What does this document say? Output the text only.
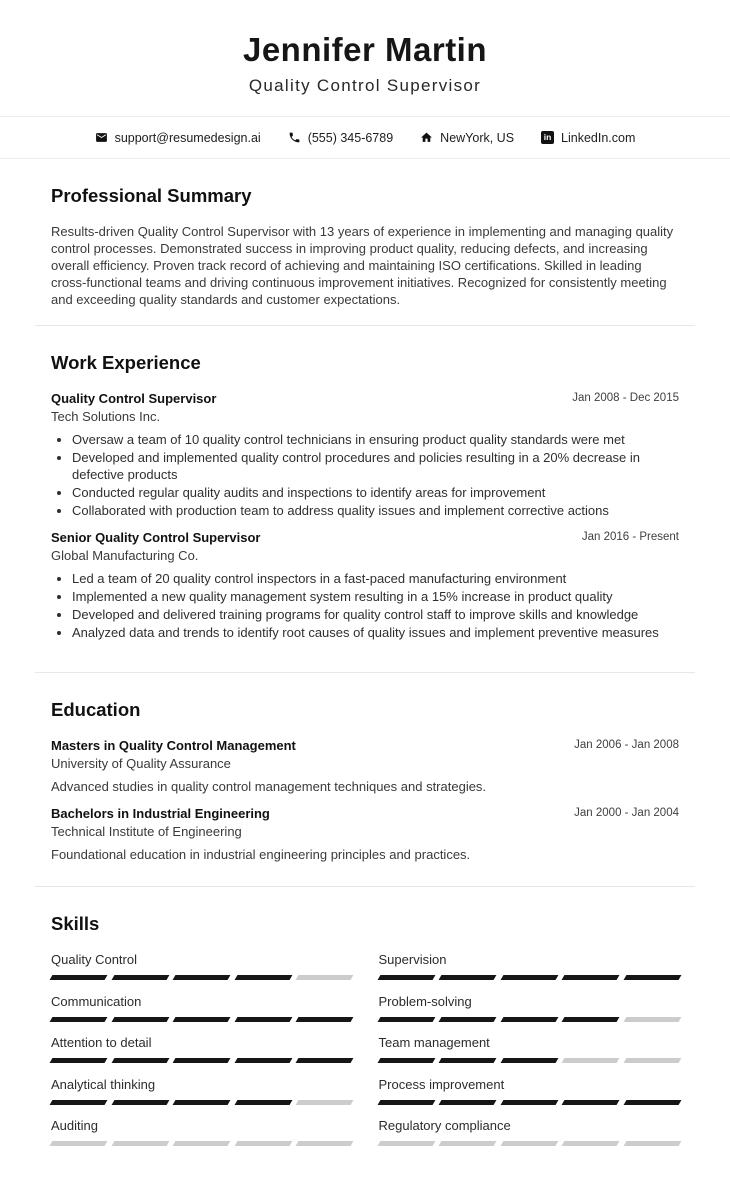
Jennifer Martin
Quality Control Supervisor
support@resumedesign.ai	(555) 345-6789	NewYork, US	in LinkedIn.com
Professional Summary
Results-driven Quality Control Supervisor with 13 years of experience in implementing and managing quality control processes. Demonstrated success in improving product quality, reducing defects, and increasing overall efficiency. Proven track record of achieving and maintaining ISO certifications. Skilled in leading cross-functional teams and driving continuous improvement initiatives. Recognized for consistently meeting and exceeding quality standards and customer expectations.
Work Experience
Quality Control Supervisor	Jan 2008 - Dec 2015
Tech Solutions Inc.
• Oversaw a team of 10 quality control technicians in ensuring product quality standards were met
• Developed and implemented quality control procedures and policies resulting in a 20% decrease in defective products
• Conducted regular quality audits and inspections to identify areas for improvement
• Collaborated with production team to address quality issues and implement corrective actions
Senior Quality Control Supervisor	Jan 2016 - Present
Global Manufacturing Co.
• Led a team of 20 quality control inspectors in a fast-paced manufacturing environment
• Implemented a new quality management system resulting in a 15% increase in product quality
• Developed and delivered training programs for quality control staff to improve skills and knowledge
• Analyzed data and trends to identify root causes of quality issues and implement preventive measures
Education
Masters in Quality Control Management	Jan 2006 - Jan 2008
University of Quality Assurance
Advanced studies in quality control management techniques and strategies.
Bachelors in Industrial Engineering	Jan 2000 - Jan 2004
Technical Institute of Engineering
Foundational education in industrial engineering principles and practices.
Skills
Quality Control
Communication
Attention to detail
Analytical thinking
Auditing
Supervision
Problem-solving
Team management
Process improvement
Regulatory compliance
